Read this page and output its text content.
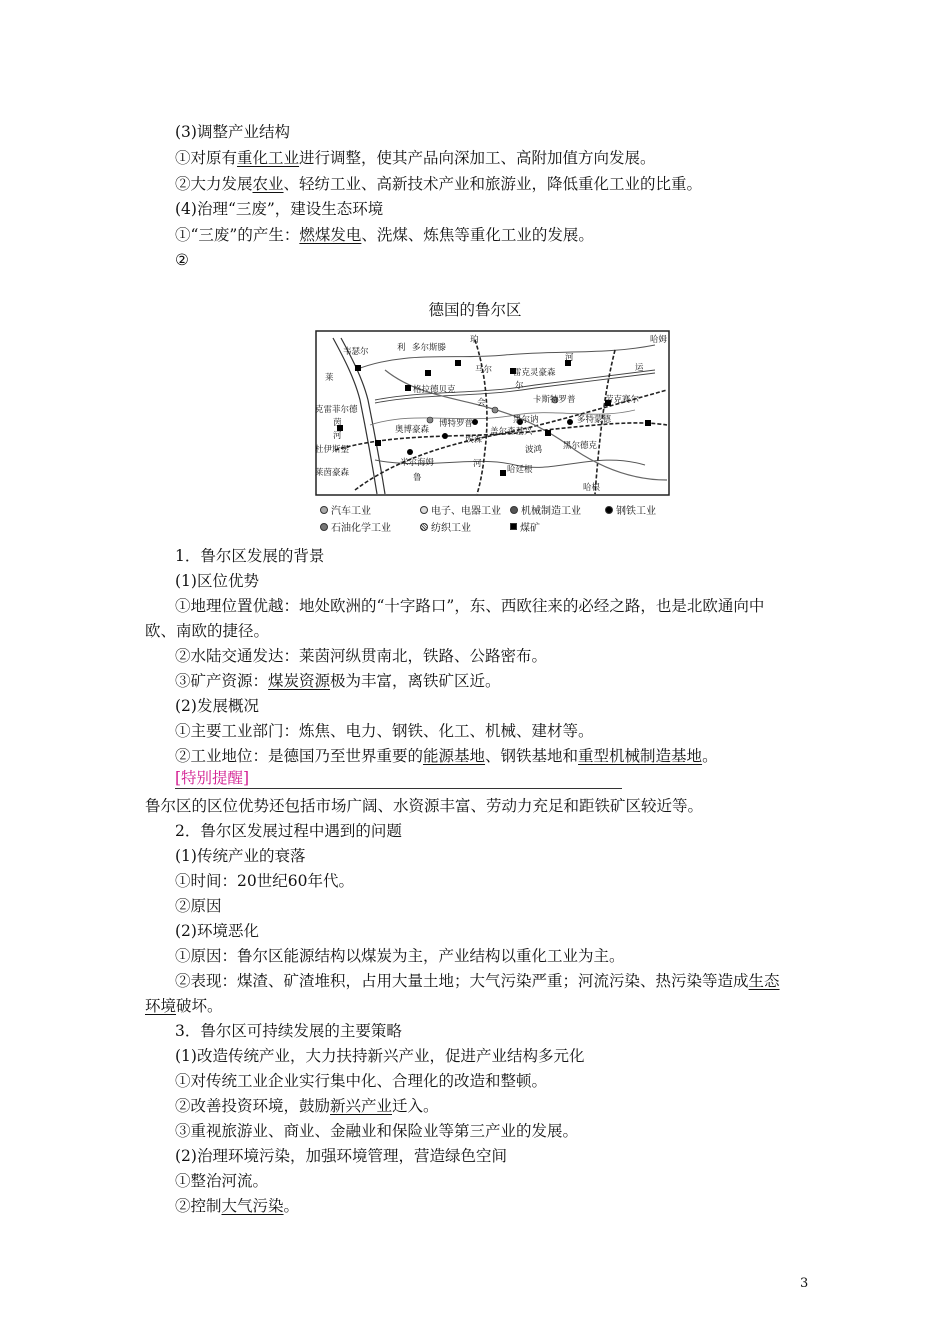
(3)调整产业结构
①对原有重化工业进行调整，使其产品向深加工、高附加值方向发展。
②大力发展农业、轻纺工业、高新技术产业和旅游业，降低重化工业的比重。
(4)治理“三废”，建设生态环境
①“三废”的产生：燃煤发电、洗煤、炼焦等重化工业的发展。
②
德国的鲁尔区
韦瑟尔	利 多尔斯滕
珀	哈姆
河
莱
马尔 雷克灵豪森
尔
运
格拉德贝克
克雷菲尔德
茵
卡斯特罗普	劳克赛尔
会
奥博豪森
博特罗普	黑尔讷	多特蒙德
埃森
盖尔森基兴
杜伊斯堡	波鸿 黑尔德克
米尔海姆
莱茵豪森	鲁
哈廷根
哈根
河
河
汽车工业	电子、电器工业 机械制造工业	钢铁工业
石油化学工业	纺织工业	煤矿
1．鲁尔区发展的背景
(1)区位优势
①地理位置优越：地处欧洲的“十字路口”，东、西欧往来的必经之路，也是北欧通向中
欧、南欧的捷径。
②水陆交通发达：莱茵河纵贯南北，铁路、公路密布。
③矿产资源：煤炭资源极为丰富，离铁矿区近。
(2)发展概况
①主要工业部门：炼焦、电力、钢铁、化工、机械、建材等。
②工业地位：是德国乃至世界重要的能源基地、钢铁基地和重型机械制造基地。
[特别提醒]
鲁尔区的区位优势还包括市场广阔、水资源丰富、劳动力充足和距铁矿区较近等。
2．鲁尔区发展过程中遇到的问题
(1)传统产业的衰落
①时间：20世纪60年代。
②原因
(2)环境恶化
①原因：鲁尔区能源结构以煤炭为主，产业结构以重化工业为主。
②表现：煤渣、矿渣堆积，占用大量土地；大气污染严重；河流污染、热污染等造成生态
环境破坏。
3．鲁尔区可持续发展的主要策略
(1)改造传统产业，大力扶持新兴产业，促进产业结构多元化
①对传统工业企业实行集中化、合理化的改造和整顿。
②改善投资环境，鼓励新兴产业迁入。
③重视旅游业、商业、金融业和保险业等第三产业的发展。
(2)治理环境污染，加强环境管理，营造绿色空间
①整治河流。
②控制大气污染。
3
